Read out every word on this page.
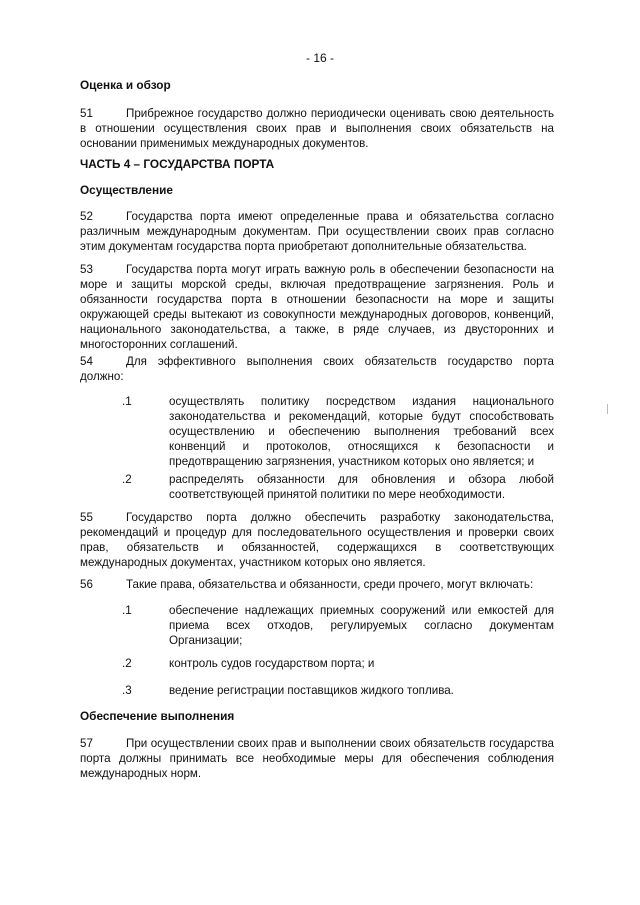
- 16 -
Оценка и обзор
51	Прибрежное государство должно периодически оценивать свою деятельность в отношении осуществления своих прав и выполнения своих обязательств на основании применимых международных документов.
ЧАСТЬ 4 – ГОСУДАРСТВА ПОРТА
Осуществление
52	Государства порта имеют определенные права и обязательства согласно различным международным документам. При осуществлении своих прав согласно этим документам государства порта приобретают дополнительные обязательства.
53	Государства порта могут играть важную роль в обеспечении безопасности на море и защиты морской среды, включая предотвращение загрязнения. Роль и обязанности государства порта в отношении безопасности на море и защиты окружающей среды вытекают из совокупности международных договоров, конвенций, национального законодательства, а также, в ряде случаев, из двусторонних и многосторонних соглашений.
54	Для эффективного выполнения своих обязательств государство порта должно:
.1	осуществлять политику посредством издания национального законодательства и рекомендаций, которые будут способствовать осуществлению и обеспечению выполнения требований всех конвенций и протоколов, относящихся к безопасности и предотвращению загрязнения, участником которых оно является; и
.2	распределять обязанности для обновления и обзора любой соответствующей принятой политики по мере необходимости.
55	Государство порта должно обеспечить разработку законодательства, рекомендаций и процедур для последовательного осуществления и проверки своих прав, обязательств и обязанностей, содержащихся в соответствующих международных документах, участником которых оно является.
56	Такие права, обязательства и обязанности, среди прочего, могут включать:
.1	обеспечение надлежащих приемных сооружений или емкостей для приема всех отходов, регулируемых согласно документам Организации;
.2	контроль судов государством порта; и
.3	ведение регистрации поставщиков жидкого топлива.
Обеспечение выполнения
57	При осуществлении своих прав и выполнении своих обязательств государства порта должны принимать все необходимые меры для обеспечения соблюдения международных норм.
